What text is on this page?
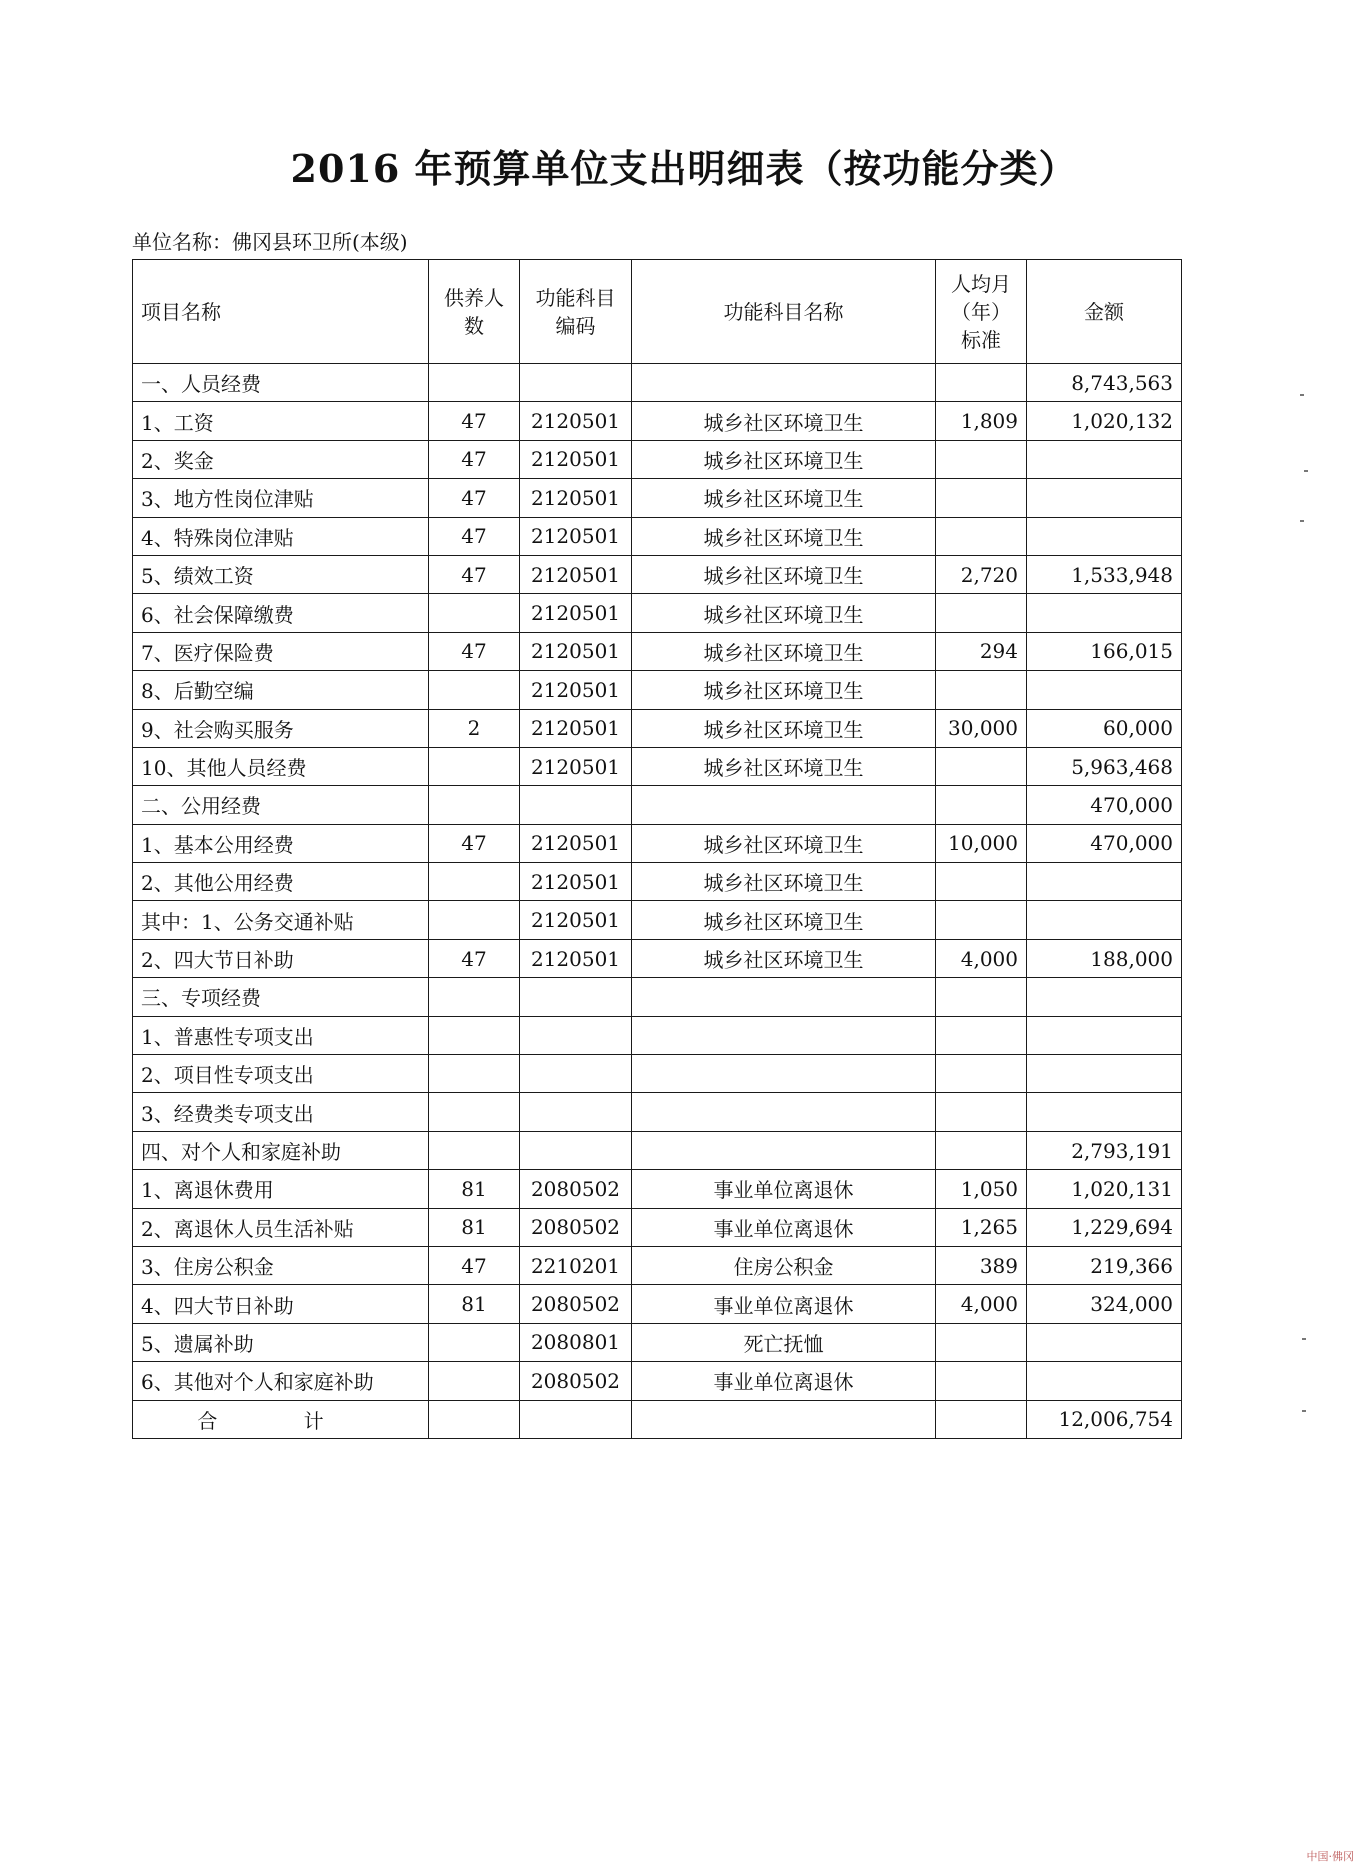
2016 年预算单位支出明细表（按功能分类）
单位名称：佛冈县环卫所(本级)
项目名称	供养人数	功能科目编码	功能科目名称	人均月（年）标准	金额
一、人员经费					8,743,563
1、工资	47	2120501	城乡社区环境卫生	1,809	1,020,132
2、奖金	47	2120501	城乡社区环境卫生		
3、地方性岗位津贴	47	2120501	城乡社区环境卫生		
4、特殊岗位津贴	47	2120501	城乡社区环境卫生		
5、绩效工资	47	2120501	城乡社区环境卫生	2,720	1,533,948
6、社会保障缴费		2120501	城乡社区环境卫生		
7、医疗保险费	47	2120501	城乡社区环境卫生	294	166,015
8、后勤空编		2120501	城乡社区环境卫生		
9、社会购买服务	2	2120501	城乡社区环境卫生	30,000	60,000
10、其他人员经费		2120501	城乡社区环境卫生		5,963,468
二、公用经费					470,000
1、基本公用经费	47	2120501	城乡社区环境卫生	10,000	470,000
2、其他公用经费		2120501	城乡社区环境卫生		
其中：1、公务交通补贴		2120501	城乡社区环境卫生		
2、四大节日补助	47	2120501	城乡社区环境卫生	4,000	188,000
三、专项经费					
1、普惠性专项支出					
2、项目性专项支出					
3、经费类专项支出					
四、对个人和家庭补助					2,793,191
1、离退休费用	81	2080502	事业单位离退休	1,050	1,020,131
2、离退休人员生活补贴	81	2080502	事业单位离退休	1,265	1,229,694
3、住房公积金	47	2210201	住房公积金	389	219,366
4、四大节日补助	81	2080502	事业单位离退休	4,000	324,000
5、遗属补助		2080801	死亡抚恤		
6、其他对个人和家庭补助		2080502	事业单位离退休		
合 计					12,006,754
中国·佛冈
